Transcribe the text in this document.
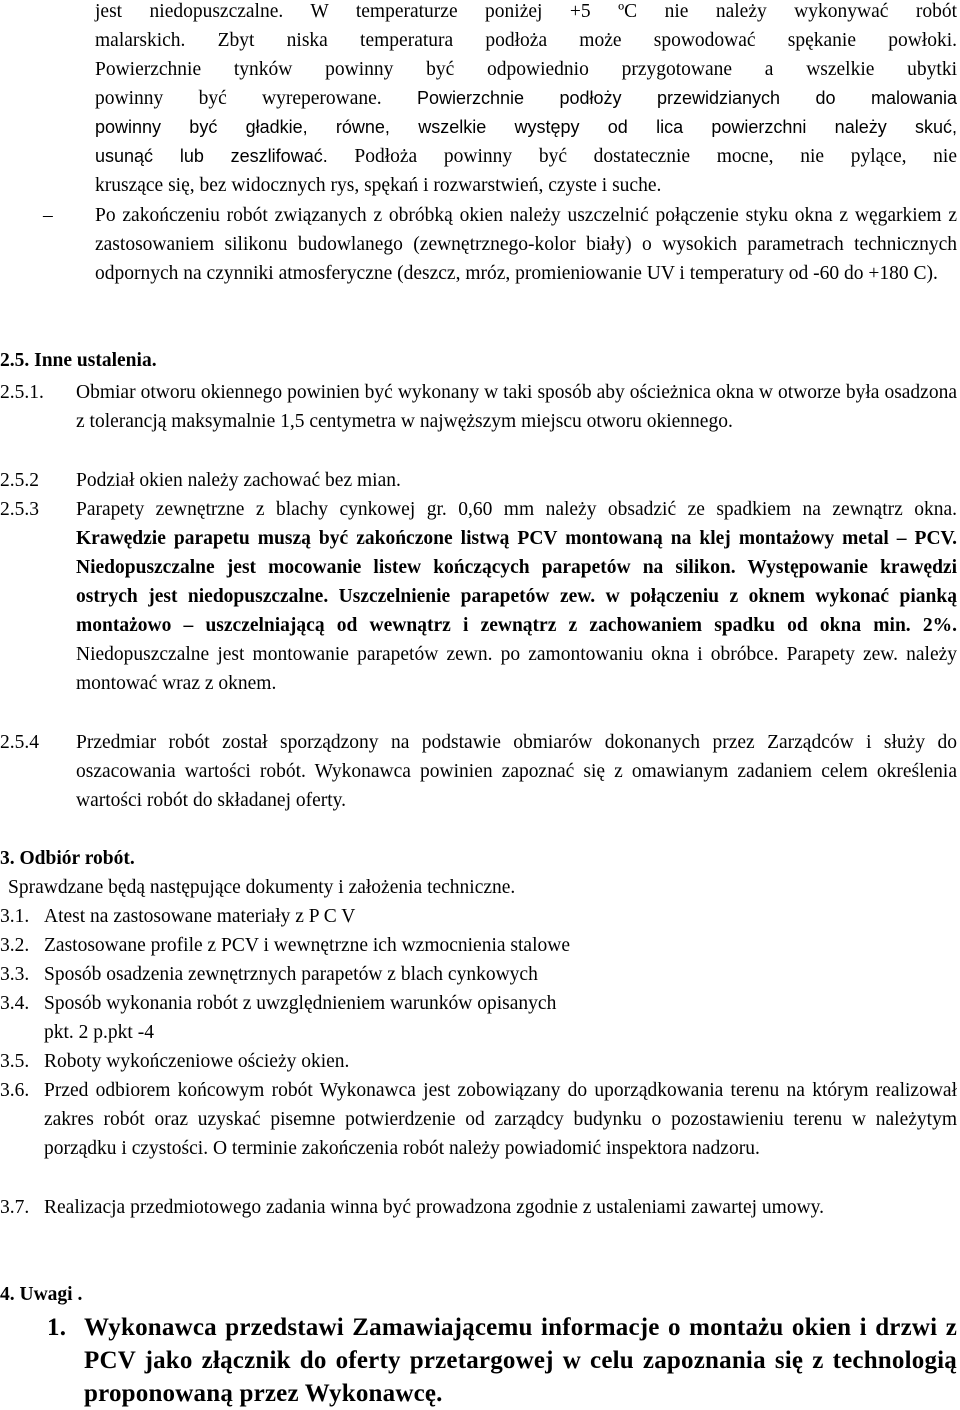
jest niedopuszczalne. W temperaturze poniżej +5 ºC nie należy wykonywać robót
malarskich. Zbyt niska temperatura podłoża może spowodować spękanie powłoki.
Powierzchnie tynków powinny być odpowiednio przygotowane a wszelkie ubytki
powinny być wyreperowane. Powierzchnie podłoży przewidzianych do malowania
powinny być gładkie, równe, wszelkie występy od lica powierzchni należy skuć,
usunąć lub zeszlifować. Podłoża powinny być dostatecznie mocne, nie pylące, nie
kruszące się, bez widocznych rys, spękań i rozwarstwień, czyste i suche.
– Po zakończeniu robót związanych z obróbką okien należy uszczelnić połączenie styku okna z węgarkiem z zastosowaniem silikonu budowlanego (zewnętrznego-kolor biały) o wysokich parametrach technicznych odpornych na czynniki atmosferyczne (deszcz, mróz, promieniowanie UV i temperatury od -60 do +180 C).
2.5. Inne ustalenia.
2.5.1. Obmiar otworu okiennego powinien być wykonany w taki sposób aby ościeżnica okna w otworze była osadzona z tolerancją maksymalnie 1,5 centymetra w najwęższym miejscu otworu okiennego.
2.5.2 Podział okien należy zachować bez mian.
2.5.3 Parapety zewnętrzne z blachy cynkowej gr. 0,60 mm należy obsadzić ze spadkiem na zewnątrz okna. Krawędzie parapetu muszą być zakończone listwą PCV montowaną na klej montażowy metal – PCV. Niedopuszczalne jest mocowanie listew kończących parapetów na silikon. Występowanie krawędzi ostrych jest niedopuszczalne. Uszczelnienie parapetów zew. w połączeniu z oknem wykonać pianką montażowo – uszczelniającą od wewnątrz i zewnątrz z zachowaniem spadku od okna min. 2%. Niedopuszczalne jest montowanie parapetów zewn. po zamontowaniu okna i obróbce. Parapety zew. należy montować wraz z oknem.
2.5.4 Przedmiar robót został sporządzony na podstawie obmiarów dokonanych przez Zarządców i służy do oszacowania wartości robót. Wykonawca powinien zapoznać się z omawianym zadaniem celem określenia wartości robót do składanej oferty.
3. Odbiór robót.
Sprawdzane będą następujące dokumenty i założenia techniczne.
3.1. Atest na zastosowane materiały z P C V
3.2. Zastosowane profile z PCV i wewnętrzne ich wzmocnienia stalowe
3.3. Sposób osadzenia zewnętrznych parapetów z blach cynkowych
3.4. Sposób wykonania robót z uwzględnieniem warunków opisanych
pkt. 2 p.pkt -4
3.5. Roboty wykończeniowe ościeży okien.
3.6. Przed odbiorem końcowym robót Wykonawca jest zobowiązany do uporządkowania terenu na którym realizował zakres robót oraz uzyskać pisemne potwierdzenie od zarządcy budynku o pozostawieniu terenu w należytym porządku i czystości. O terminie zakończenia robót należy powiadomić inspektora nadzoru.
3.7. Realizacja przedmiotowego zadania winna być prowadzona zgodnie z ustaleniami zawartej umowy.
4. Uwagi .
1. Wykonawca przedstawi Zamawiającemu informacje o montażu okien i drzwi z PCV jako złącznik do oferty przetargowej w celu zapoznania się z technologią proponowaną przez Wykonawcę.
